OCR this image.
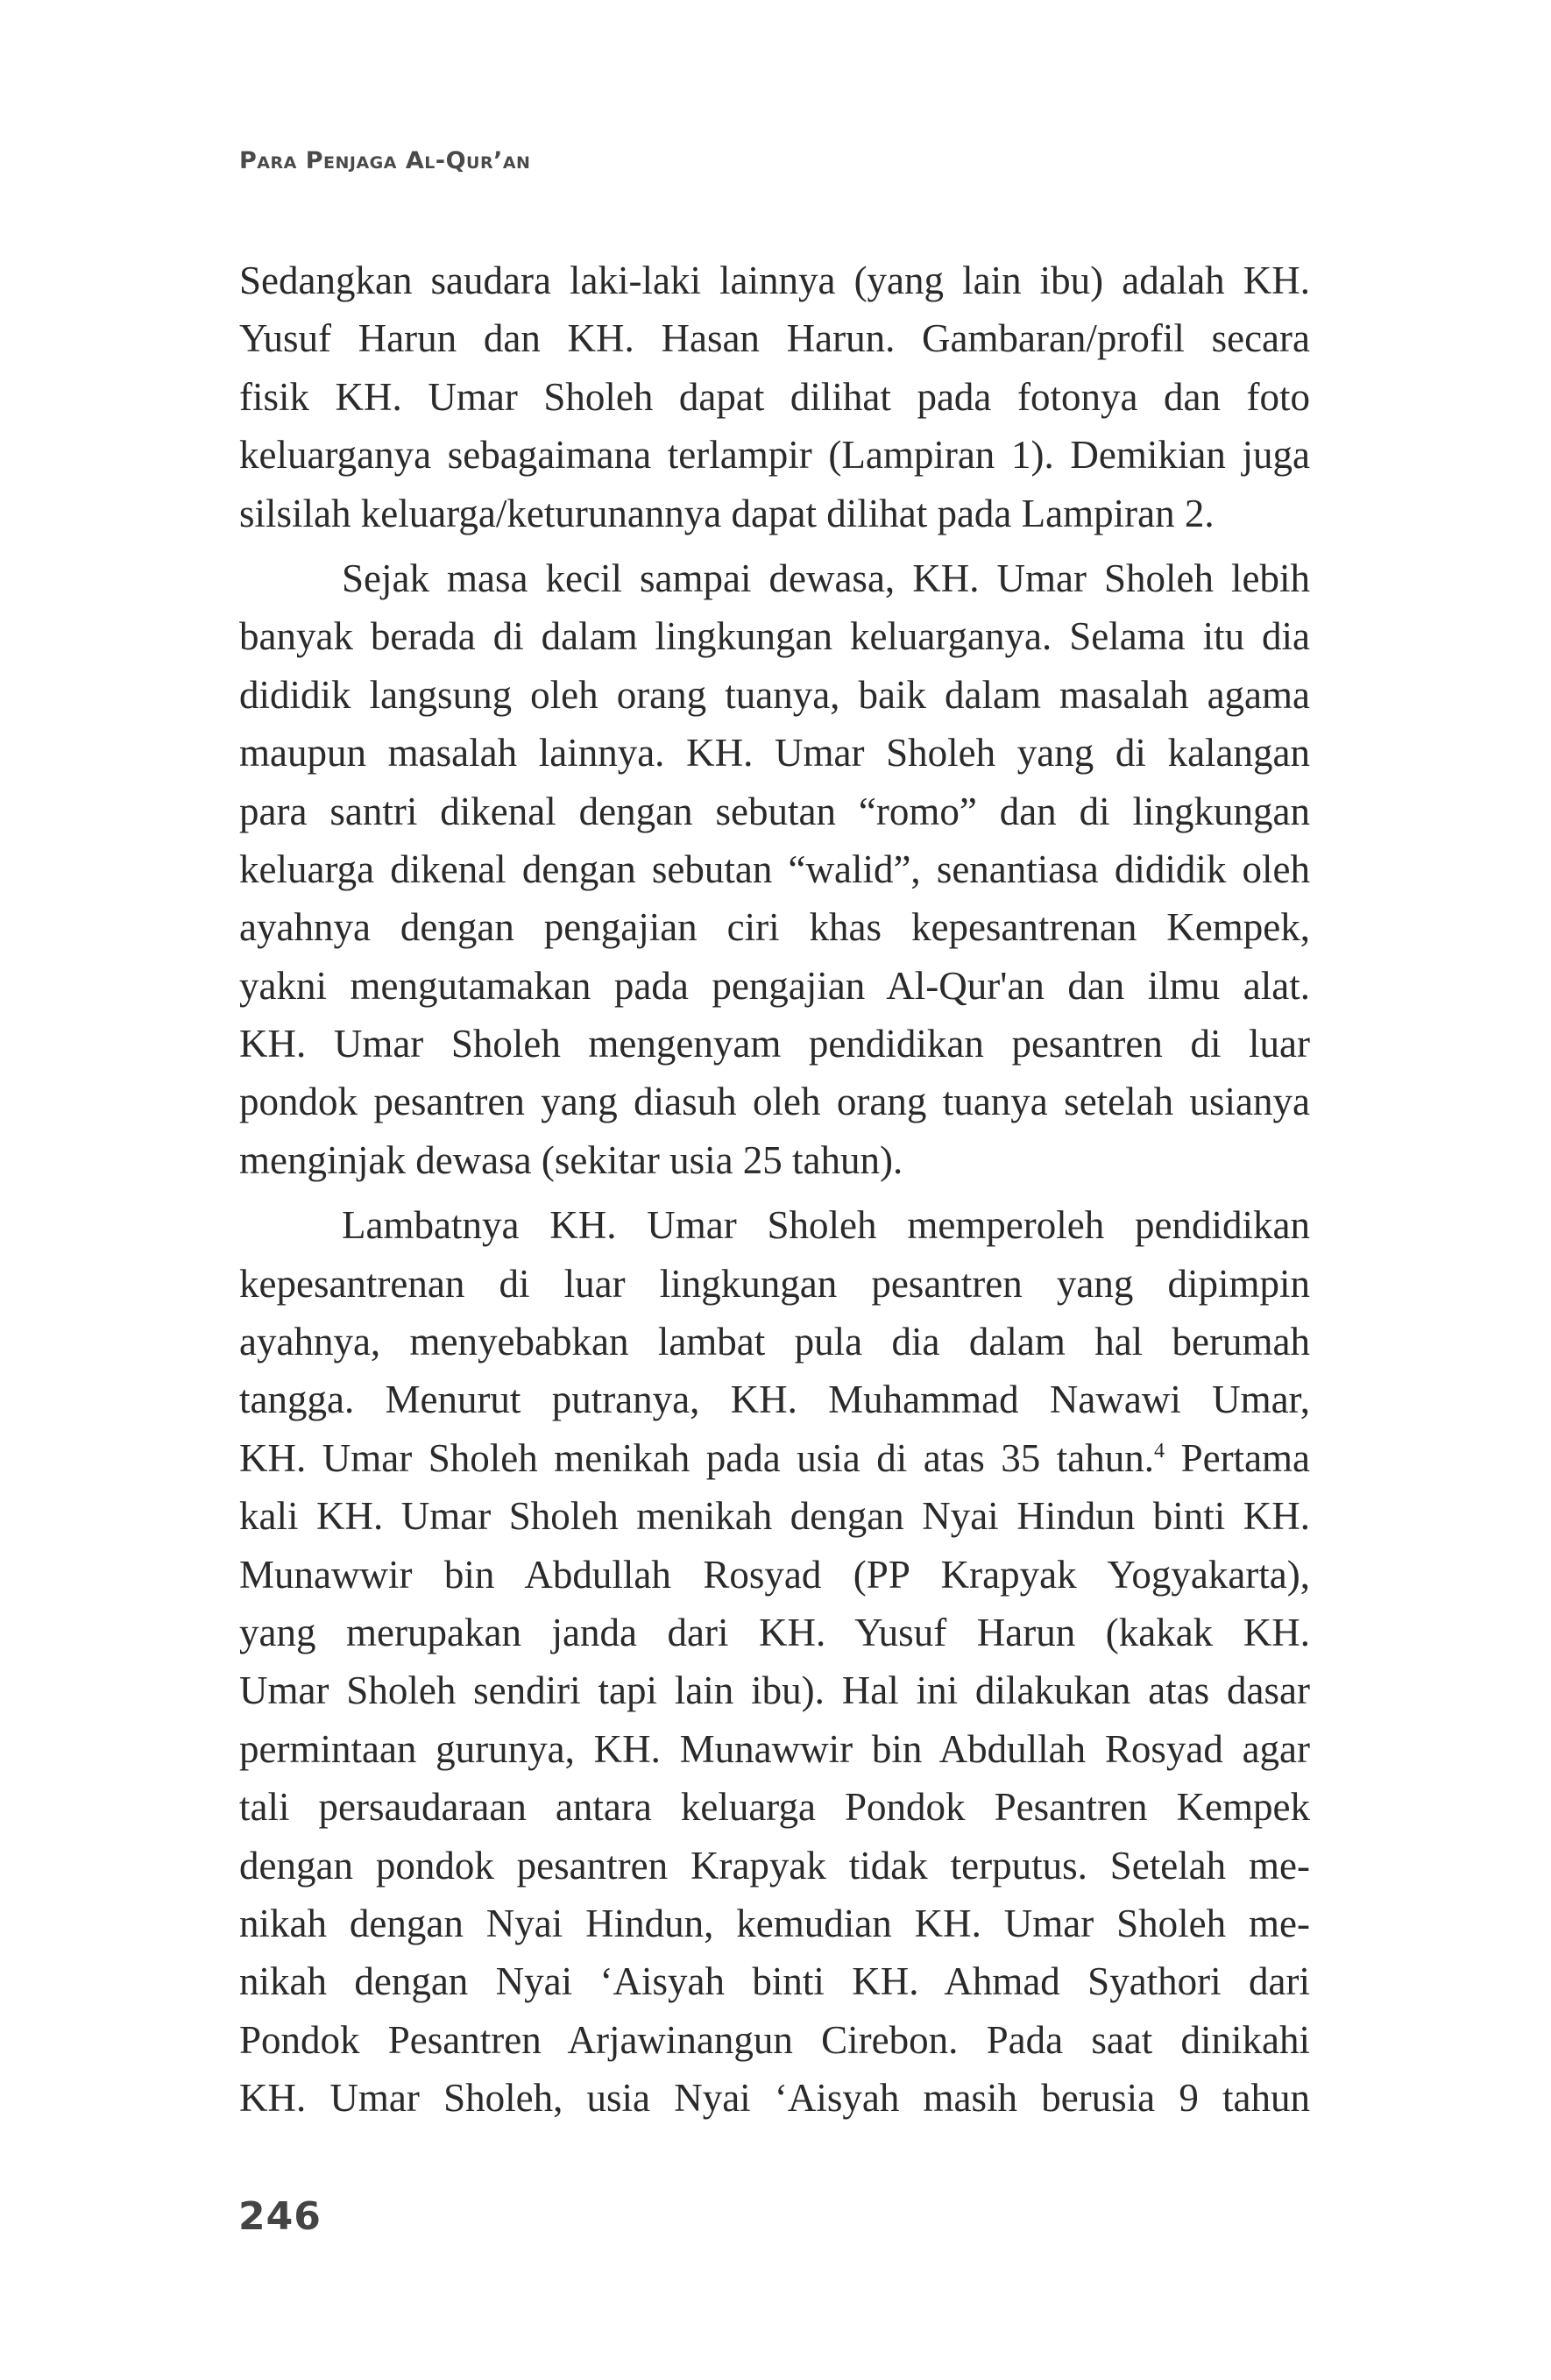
Para Penjaga Al-Qur’an
Sedangkan saudara laki-laki lainnya (yang lain ibu) adalah KH.
Yusuf Harun dan KH. Hasan Harun. Gambaran/profil secara
fisik KH. Umar Sholeh dapat dilihat pada fotonya dan foto
keluarganya sebagaimana terlampir (Lampiran 1). Demikian juga
silsilah keluarga/keturunannya dapat dilihat pada Lampiran 2.
Sejak masa kecil sampai dewasa, KH. Umar Sholeh lebih
banyak berada di dalam lingkungan keluarganya. Selama itu dia
dididik langsung oleh orang tuanya, baik dalam masalah agama
maupun masalah lainnya. KH. Umar Sholeh yang di kalangan
para santri dikenal dengan sebutan “romo” dan di lingkungan
keluarga dikenal dengan sebutan “walid”, senantiasa dididik oleh
ayahnya dengan pengajian ciri khas kepesantrenan Kempek,
yakni mengutamakan pada pengajian Al-Qur'an dan ilmu alat.
KH. Umar Sholeh mengenyam pendidikan pesantren di luar
pondok pesantren yang diasuh oleh orang tuanya setelah usianya
menginjak dewasa (sekitar usia 25 tahun).
Lambatnya KH. Umar Sholeh memperoleh pendidikan
kepesantrenan di luar lingkungan pesantren yang dipimpin
ayahnya, menyebabkan lambat pula dia dalam hal berumah
tangga. Menurut putranya, KH. Muhammad Nawawi Umar,
KH. Umar Sholeh menikah pada usia di atas 35 tahun.$^4$ Pertama
kali KH. Umar Sholeh menikah dengan Nyai Hindun binti KH.
Munawwir bin Abdullah Rosyad (PP Krapyak Yogyakarta),
yang merupakan janda dari KH. Yusuf Harun (kakak KH.
Umar Sholeh sendiri tapi lain ibu). Hal ini dilakukan atas dasar
permintaan gurunya, KH. Munawwir bin Abdullah Rosyad agar
tali persaudaraan antara keluarga Pondok Pesantren Kempek
dengan pondok pesantren Krapyak tidak terputus. Setelah me-
nikah dengan Nyai Hindun, kemudian KH. Umar Sholeh me-
nikah dengan Nyai ‘Aisyah binti KH. Ahmad Syathori dari
Pondok Pesantren Arjawinangun Cirebon. Pada saat dinikahi
KH. Umar Sholeh, usia Nyai ‘Aisyah masih berusia 9 tahun
246
